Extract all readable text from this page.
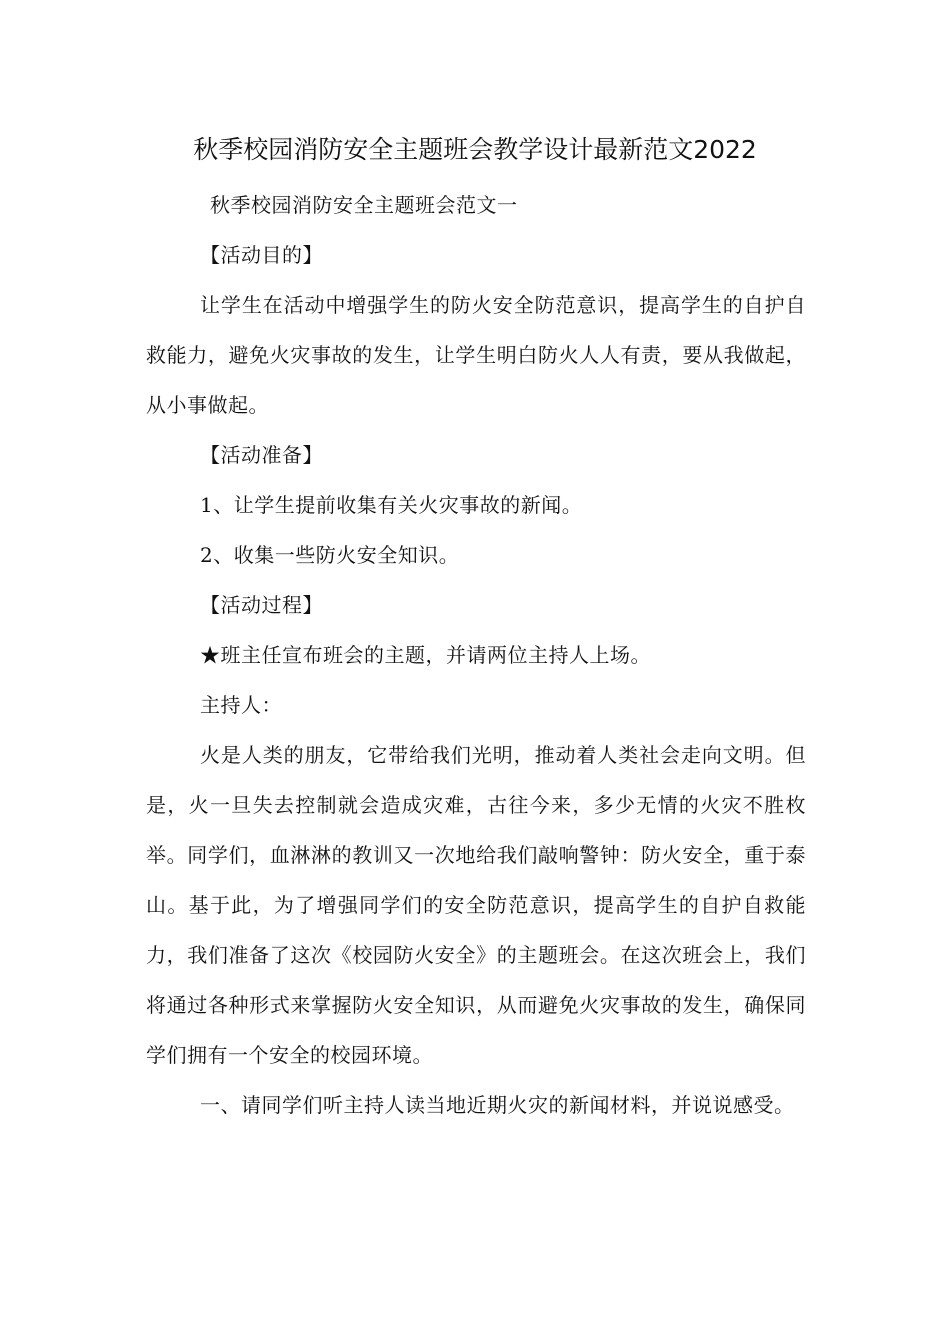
秋季校园消防安全主题班会教学设计最新范文2022

秋季校园消防安全主题班会范文一

【活动目的】

让学生在活动中增强学生的防火安全防范意识，提高学生的自护自救能力，避免火灾事故的发生，让学生明白防火人人有责，要从我做起，从小事做起。

【活动准备】

1、让学生提前收集有关火灾事故的新闻。

2、收集一些防火安全知识。

【活动过程】

★班主任宣布班会的主题，并请两位主持人上场。

主持人：

火是人类的朋友，它带给我们光明，推动着人类社会走向文明。但是，火一旦失去控制就会造成灾难，古往今来，多少无情的火灾不胜枚举。同学们，血淋淋的教训又一次地给我们敲响警钟：防火安全，重于泰山。基于此，为了增强同学们的安全防范意识，提高学生的自护自救能力，我们准备了这次《校园防火安全》的主题班会。在这次班会上，我们将通过各种形式来掌握防火安全知识，从而避免火灾事故的发生，确保同学们拥有一个安全的校园环境。

一、请同学们听主持人读当地近期火灾的新闻材料，并说说感受。
